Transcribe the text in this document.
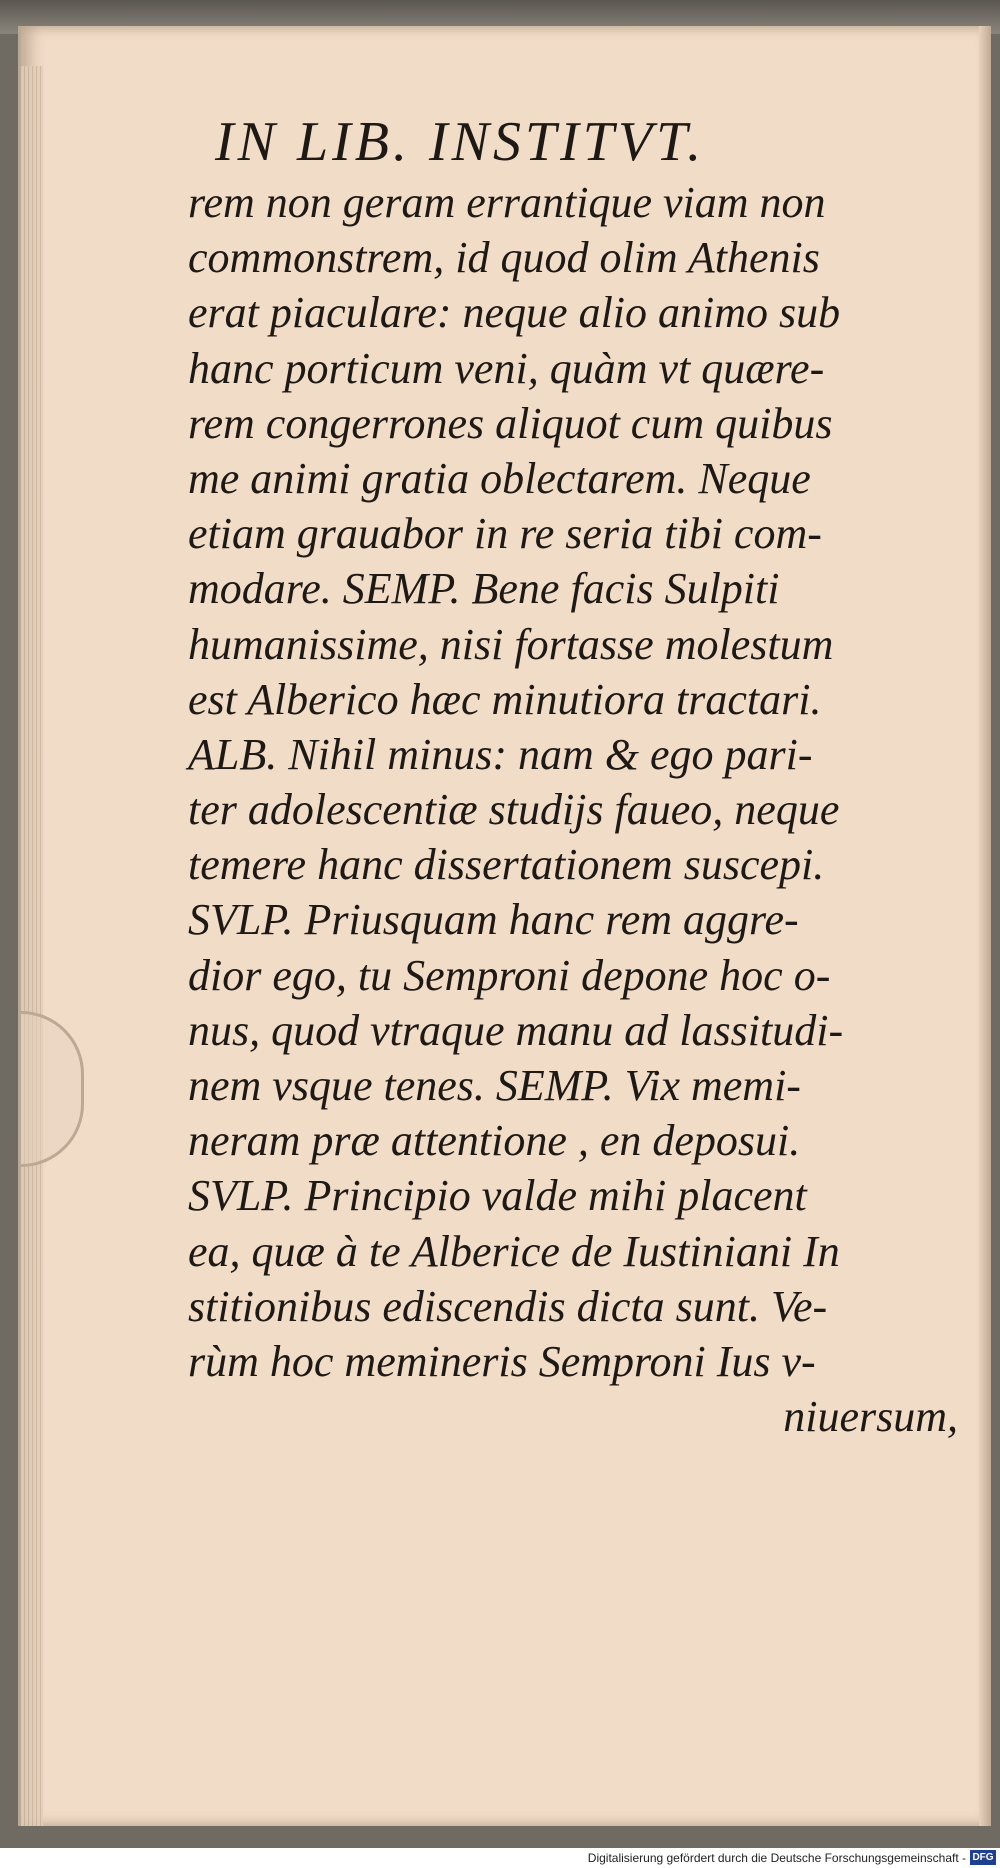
IN LIB. INSTITVT.
rem non geram errantique viam non
commonstrem, id quod olim Athenis
erat piaculare: neque alio animo sub
hanc porticum veni, quàm vt quære-
rem congerrones aliquot cum quibus
me animi gratia oblectarem. Neque
etiam grauabor in re seria tibi com-
modare. SEMP. Bene facis Sulpiti
humanissime, nisi fortasse molestum
est Alberico hæc minutiora tractari.
ALB. Nihil minus: nam & ego pari-
ter adolescentiæ studijs faueo, neque
temere hanc dissertationem suscepi.
SVLP. Priusquam hanc rem aggre-
dior ego, tu Semproni depone hoc o-
nus, quod vtraque manu ad lassitudi-
nem vsque tenes. SEMP. Vix memi-
neram præ attentione , en deposui.
SVLP. Principio valde mihi placent
ea, quæ à te Alberice de Iustiniani In
stitionibus ediscendis dicta sunt. Ve-
rùm hoc memineris Semproni Ius v-
niuersum,
Digitalisierung gefördert durch die Deutsche Forschungsgemeinschaft - DFG
